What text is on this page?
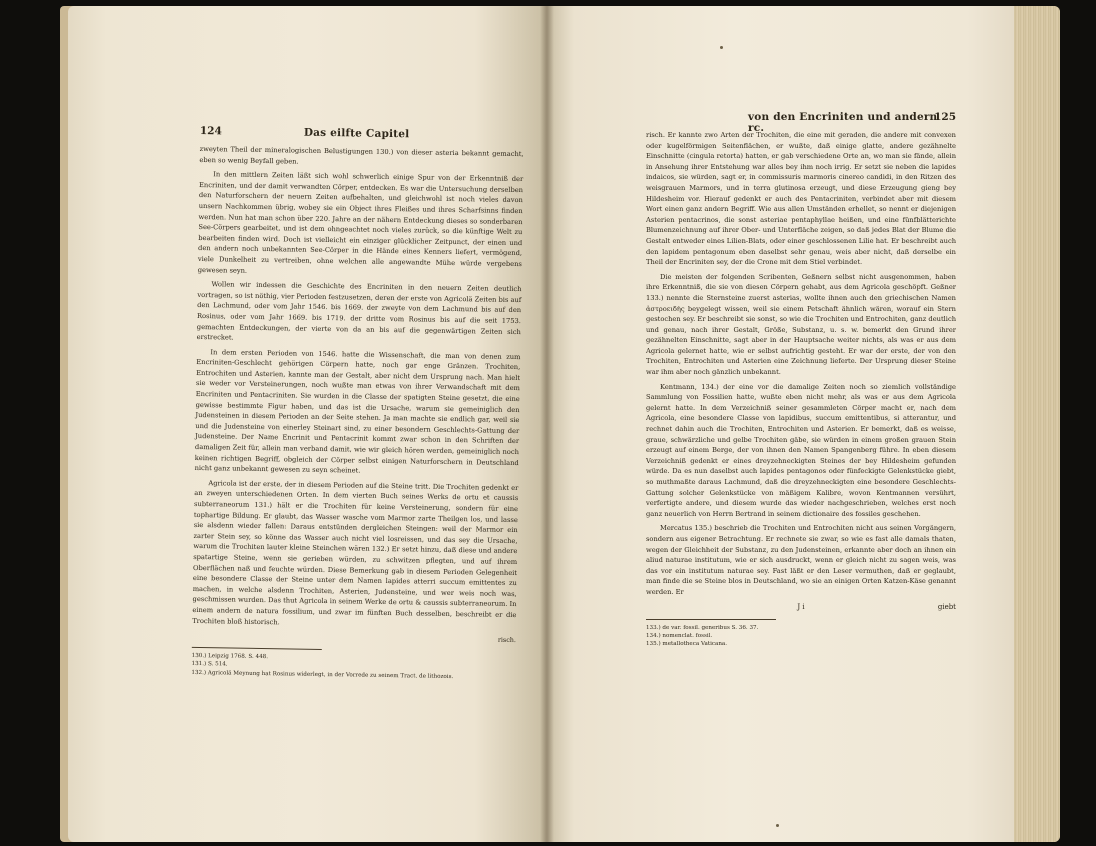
124	Das eilfte Capitel

zweyten Theil der mineralogischen Belustigungen 130.) von dieser asteria bekannt gemacht, eben so wenig Beyfall geben.

In den mittlern Zeiten läßt sich wohl schwerlich einige Spur von der Erkenntniß der Encriniten, und der damit verwandten Cörper, entdecken. Es war die Untersuchung derselben den Naturforschern der neuern Zeiten aufbehalten, und gleichwohl ist noch vieles davon unsern Nachkommen übrig, wobey sie ein Object ihres Fleißes und ihres Scharfsinns finden werden. Nun hat man schon über 220. Jahre an der nähern Entdeckung dieses so sonderbaren See-Cörpers gearbeitet, und ist dem ohngeachtet noch vieles zurück, so die künftige Welt zu bearbeiten finden wird. Doch ist vielleicht ein einziger glücklicher Zeitpunct, der einen und den andern noch unbekannten See-Cörper in die Hände eines Kenners liefert, vermögend, viele Dunkelheit zu vertreiben, ohne welchen alle angewandte Mühe würde vergebens gewesen seyn.

Wollen wir indessen die Geschichte des Encriniten in den neuern Zeiten deutlich vortragen, so ist nöthig, vier Perioden festzusetzen, deren der erste von Agricolä Zeiten bis auf den Lachmund, oder vom Jahr 1546. bis 1669. der zweyte von dem Lachmund bis auf den Rosinus, oder vom Jahr 1669. bis 1719. der dritte vom Rosinus bis auf die seit 1753. gemachten Entdeckungen, der vierte von da an bis auf die gegenwärtigen Zeiten sich erstrecket.

In dem ersten Perioden von 1546. hatte die Wissenschaft, die man von denen zum Encriniten-Geschlecht gehörigen Cörpern hatte, noch gar enge Gränzen. Trochiten, Entrochiten und Asterien, kannte man der Gestalt, aber nicht dem Ursprung nach. Man hielt sie weder vor Versteinerungen, noch wußte man etwas von ihrer Verwandschaft mit dem Encriniten und Pentacriniten. Sie wurden in die Classe der spatigten Steine gesetzt, die eine gewisse bestimmte Figur haben, und das ist die Ursache, warum sie gemeiniglich den Judensteinen in diesem Perioden an der Seite stehen. Ja man machte sie endlich gar, weil sie und die Judensteine von einerley Steinart sind, zu einer besondern Geschlechts-Gattung der Judensteine. Der Name Encrinit und Pentacrinit kommt zwar schon in den Schriften der damaligen Zeit für, allein man verband damit, wie wir gleich hören werden, gemeiniglich noch keinen richtigen Begriff, obgleich der Cörper selbst einigen Naturforschern in Deutschland nicht ganz unbekannt gewesen zu seyn scheinet.

Agricola ist der erste, der in diesem Perioden auf die Steine tritt. Die Trochiten gedenkt er an zweyen unterschiedenen Orten. In dem vierten Buch seines Werks de ortu et caussis subterraneorum 131.) hält er die Trochiten für keine Versteinerung, sondern für eine tophartige Bildung. Er glaubt, das Wasser wasche vom Marmor zarte Theilgen los, und lasse sie alsdenn wieder fallen: Daraus entstünden dergleichen Steingen: weil der Marmor ein zarter Stein sey, so könne das Wasser auch nicht viel losreissen, und das sey die Ursache, warum die Trochiten lauter kleine Steinchen wären 132.) Er setzt hinzu, daß diese und andere spatartige Steine, wenn sie gerieben würden, zu schwitzen pflegten, und auf ihrem Oberflächen naß und feuchte würden. Diese Bemerkung gab in diesem Perioden Gelegenheit eine besondere Classe der Steine unter dem Namen lapides atterri succum emittentes zu machen, in welche alsdenn Trochiten, Asterien, Judensteine, und wer weis noch was, geschmissen wurden. Das thut Agricola in seinem Werke de ortu & caussis subterraneorum. In einem andern de natura fossilium, und zwar im fünften Buch desselben, beschreibt er die Trochiten bloß historisch.

risch.

130.) Leipzig 1768. S. 448.

131.) S. 514.

132.) Agricolä Meynung hat Rosinus widerlegt, in der Vorrede zu seinem Tract. de lithozois.

von den Encriniten und andern rc.
125

risch. Er kannte zwo Arten der Trochiten, die eine mit geraden, die andere mit convexen oder kugelförmigen Seitenflächen, er wußte, daß einige glatte, andere gezähnelte Einschnitte (cingula retorta) hatten, er gab verschiedene Orte an, wo man sie fände, allein in Ansehung ihrer Entstehung war alles bey ihm noch irrig. Er setzt sie neben die lapides indaicos, sie würden, sagt er, in commissuris marmoris cinereo candidi, in den Ritzen des weisgrauen Marmors, und in terra glutinosa erzeugt, und diese Erzeugung gieng bey Hildesheim vor. Hierauf gedenkt er auch des Pentacriniten, verbindet aber mit diesem Wort einen ganz andern Begriff. Wie aus allen Umständen erhellet, so nennt er diejenigen Asterien pentacrinos, die sonst asteriae pentaphyllae heißen, und eine fünfblätterichte Blumenzeichnung auf ihrer Ober- und Unterfläche zeigen, so daß jedes Blat der Blume die Gestalt entweder eines Lilien-Blats, oder einer geschlossenen Lilie hat. Er beschreibt auch den lapidem pentagonum eben daselbst sehr genau, weis aber nicht, daß derselbe ein Theil der Encriniten sey, der die Crone mit dem Stiel verbindet.

Die meisten der folgenden Scribenten, Geßnern selbst nicht ausgenommen, haben ihre Erkenntniß, die sie von diesen Cörpern gehabt, aus dem Agricola geschöpft. Geßner 133.) nennte die Sternsteine zuerst asterias, wollte ihnen auch den griechischen Namen ἀστροειδὴς beygelegt wissen, weil sie einem Petschaft ähnlich wären, worauf ein Stern gestochen sey. Er beschreibt sie sonst, so wie die Trochiten und Entrochiten, ganz deutlich und genau, nach ihrer Gestalt, Größe, Substanz, u. s. w. bemerkt den Grund ihrer gezähnelten Einschnitte, sagt aber in der Hauptsache weiter nichts, als was er aus dem Agricola gelernet hatte, wie er selbst aufrichtig gesteht. Er war der erste, der von den Trochiten, Entrochiten und Asterien eine Zeichnung lieferte. Der Ursprung dieser Steine war ihm aber noch gänzlich unbekannt.

Kentmann, 134.) der eine vor die damalige Zeiten noch so ziemlich vollständige Sammlung von Fossilien hatte, wußte eben nicht mehr, als was er aus dem Agricola gelernt hatte. In dem Verzeichniß seiner gesammleten Cörper macht er, nach dem Agricola, eine besondere Classe von lapidibus, succum emittentibus, si atterantur, und rechnet dahin auch die Trochiten, Entrochiten und Asterien. Er bemerkt, daß es weisse, graue, schwärzliche und gelbe Trochiten gäbe, sie würden in einem großen grauen Stein erzeugt auf einem Berge, der von ihnen den Namen Spangenberg führe. In eben diesem Verzeichniß gedenkt er eines dreyzehneckigten Steines der bey Hildesheim gefunden würde. Da es nun daselbst auch lapides pentagonos oder fünfeckigte Gelenkstücke giebt, so muthmaßte daraus Lachmund, daß die dreyzehneckigten eine besondere Geschlechts-Gattung solcher Gelenkstücke von mäßigem Kalibre, wovon Kentmannen versührt, verfertigte andere, und diesem wurde das wieder nachgeschrieben, welches erst noch ganz neuerlich von Herrn Bertrand in seinem dictionaire des fossiles geschehen.

Mercatus 135.) beschrieb die Trochiten und Entrochiten nicht aus seinen Vorgängern, sondern aus eigener Betrachtung. Er rechnete sie zwar, so wie es fast alle damals thaten, wegen der Gleichheit der Substanz, zu den Judensteinen, erkannte aber doch an ihnen ein aliud naturae institutum, wie er sich ausdruckt, wenn er gleich nicht zu sagen weis, was das vor ein institutum naturae sey. Fast läßt er den Leser vermuthen, daß er geglaubt, man finde die se Steine blos in Deutschland, wo sie an einigen Orten Katzen-Käse genannt werden. Er

J i	giebt

133.) de var. fossil. generibus S. 36. 37.

134.) nomenclat. fossil.

135.) metallotheca Vaticana.
